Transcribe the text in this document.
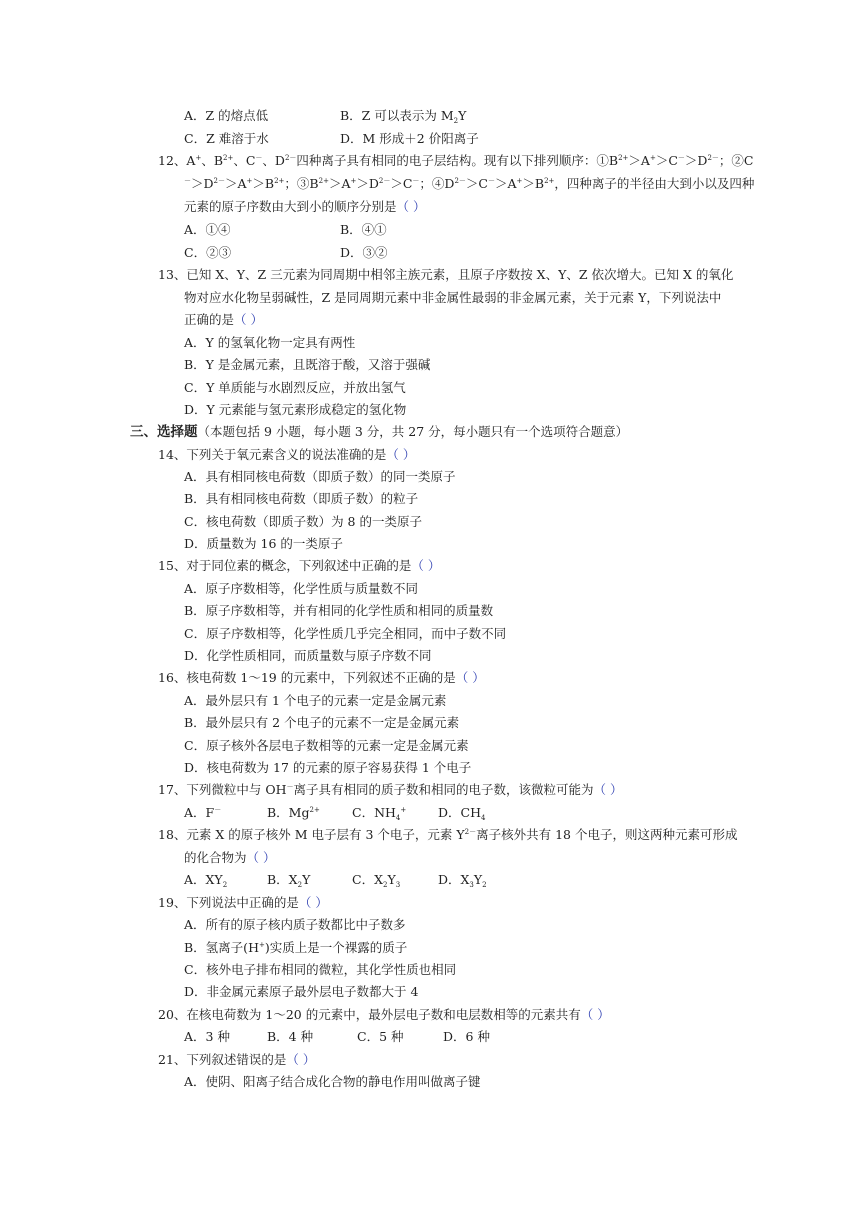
A．Z 的熔点低	B．Z 可以表示为 $M_2Y$
C．Z 难溶于水	D．M 形成＋2 价阳离子
12、A+、$B^{2+}$、C－、$D^{2-}$四种离子具有相同的电子层结构。现有以下排列顺序：$①B^{2+}>A^+>C^->D^{2-}$；②C
$^->D^{2-}>A^+>B^{2+}$；$③B^{2+}>A^+>D^{2-}>C^-$；$④D^{2-}>C^->A^+>B^{2+}$，四种离子的半径由大到小以及四种
元素的原子序数由大到小的顺序分别是（ ）
A．①④	B．④①
C．②③	D．③②
13、已知 X、Y、Z 三元素为同周期中相邻主族元素，且原子序数按 X、Y、Z 依次增大。已知 X 的氧化
物对应水化物呈弱碱性，Z 是同周期元素中非金属性最弱的非金属元素，关于元素 Y，下列说法中
正确的是（ ）
A．Y 的氢氧化物一定具有两性
B．Y 是金属元素，且既溶于酸，又溶于强碱
C．Y 单质能与水剧烈反应，并放出氢气
D．Y 元素能与氢元素形成稳定的氢化物
三、选择题（本题包括 9 小题，每小题 3 分，共 27 分，每小题只有一个选项符合题意）
14、下列关于氧元素含义的说法准确的是（ ）
A．具有相同核电荷数（即质子数）的同一类原子
B．具有相同核电荷数（即质子数）的粒子
C．核电荷数（即质子数）为 8 的一类原子
D．质量数为 16 的一类原子
15、对于同位素的概念，下列叙述中正确的是（ ）
A．原子序数相等，化学性质与质量数不同
B．原子序数相等，并有相同的化学性质和相同的质量数
C．原子序数相等，化学性质几乎完全相同，而中子数不同
D．化学性质相同，而质量数与原子序数不同
16、核电荷数 1～19 的元素中，下列叙述不正确的是（ ）
A．最外层只有 1 个电子的元素一定是金属元素
B．最外层只有 2 个电子的元素不一定是金属元素
C．原子核外各层电子数相等的元素一定是金属元素
D．核电荷数为 17 的元素的原子容易获得 1 个电子
17、下列微粒中与 OH－离子具有相同的质子数和相同的电子数，该微粒可能为（ ）
A．F－	B．$Mg^{2+}$	C．$NH_4^+$	D．$CH_4$
18、元素 X 的原子核外 M 电子层有 3 个电子，元素 $Y^{2-}$离子核外共有 18 个电子，则这两种元素可形成
的化合物为（ ）
A．$XY_2$	B．$X_2Y$	C．$X_2Y_3$	D．$X_3Y_2$
19、下列说法中正确的是（ ）
A．所有的原子核内质子数都比中子数多
B．氢离子(H+)实质上是一个裸露的质子
C．核外电子排布相同的微粒，其化学性质也相同
D．非金属元素原子最外层电子数都大于 4
20、在核电荷数为 1～20 的元素中，最外层电子数和电层数相等的元素共有（ ）
A．3 种	B．4 种	C．5 种	D．6 种
21、下列叙述错误的是（ ）
A．使阴、阳离子结合成化合物的静电作用叫做离子键
